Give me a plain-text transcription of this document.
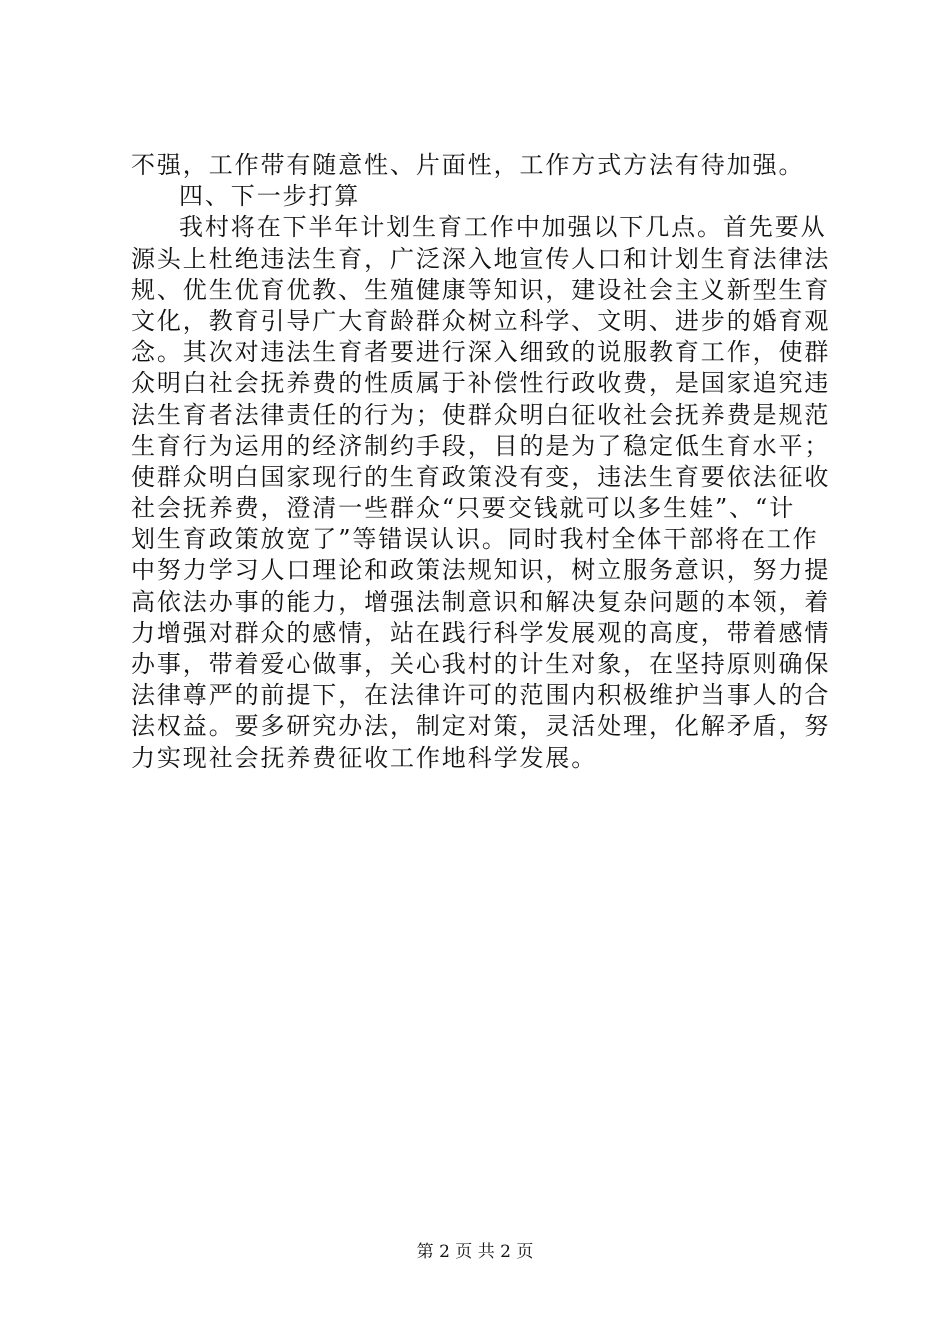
不强，工作带有随意性、片面性，工作方式方法有待加强。
四、下一步打算
我村将在下半年计划生育工作中加强以下几点。首先要从
源头上杜绝违法生育，广泛深入地宣传人口和计划生育法律法
规、优生优育优教、生殖健康等知识，建设社会主义新型生育
文化，教育引导广大育龄群众树立科学、文明、进步的婚育观
念。其次对违法生育者要进行深入细致的说服教育工作，使群
众明白社会抚养费的性质属于补偿性行政收费，是国家追究违
法生育者法律责任的行为；使群众明白征收社会抚养费是规范
生育行为运用的经济制约手段，目的是为了稳定低生育水平；
使群众明白国家现行的生育政策没有变，违法生育要依法征收
社会抚养费，澄清一些群众“只要交钱就可以多生娃”、“计
划生育政策放宽了”等错误认识。同时我村全体干部将在工作
中努力学习人口理论和政策法规知识，树立服务意识，努力提
高依法办事的能力，增强法制意识和解决复杂问题的本领，着
力增强对群众的感情，站在践行科学发展观的高度，带着感情
办事，带着爱心做事，关心我村的计生对象，在坚持原则确保
法律尊严的前提下，在法律许可的范围内积极维护当事人的合
法权益。要多研究办法，制定对策，灵活处理，化解矛盾，努
力实现社会抚养费征收工作地科学发展。
第 2 页 共 2 页
